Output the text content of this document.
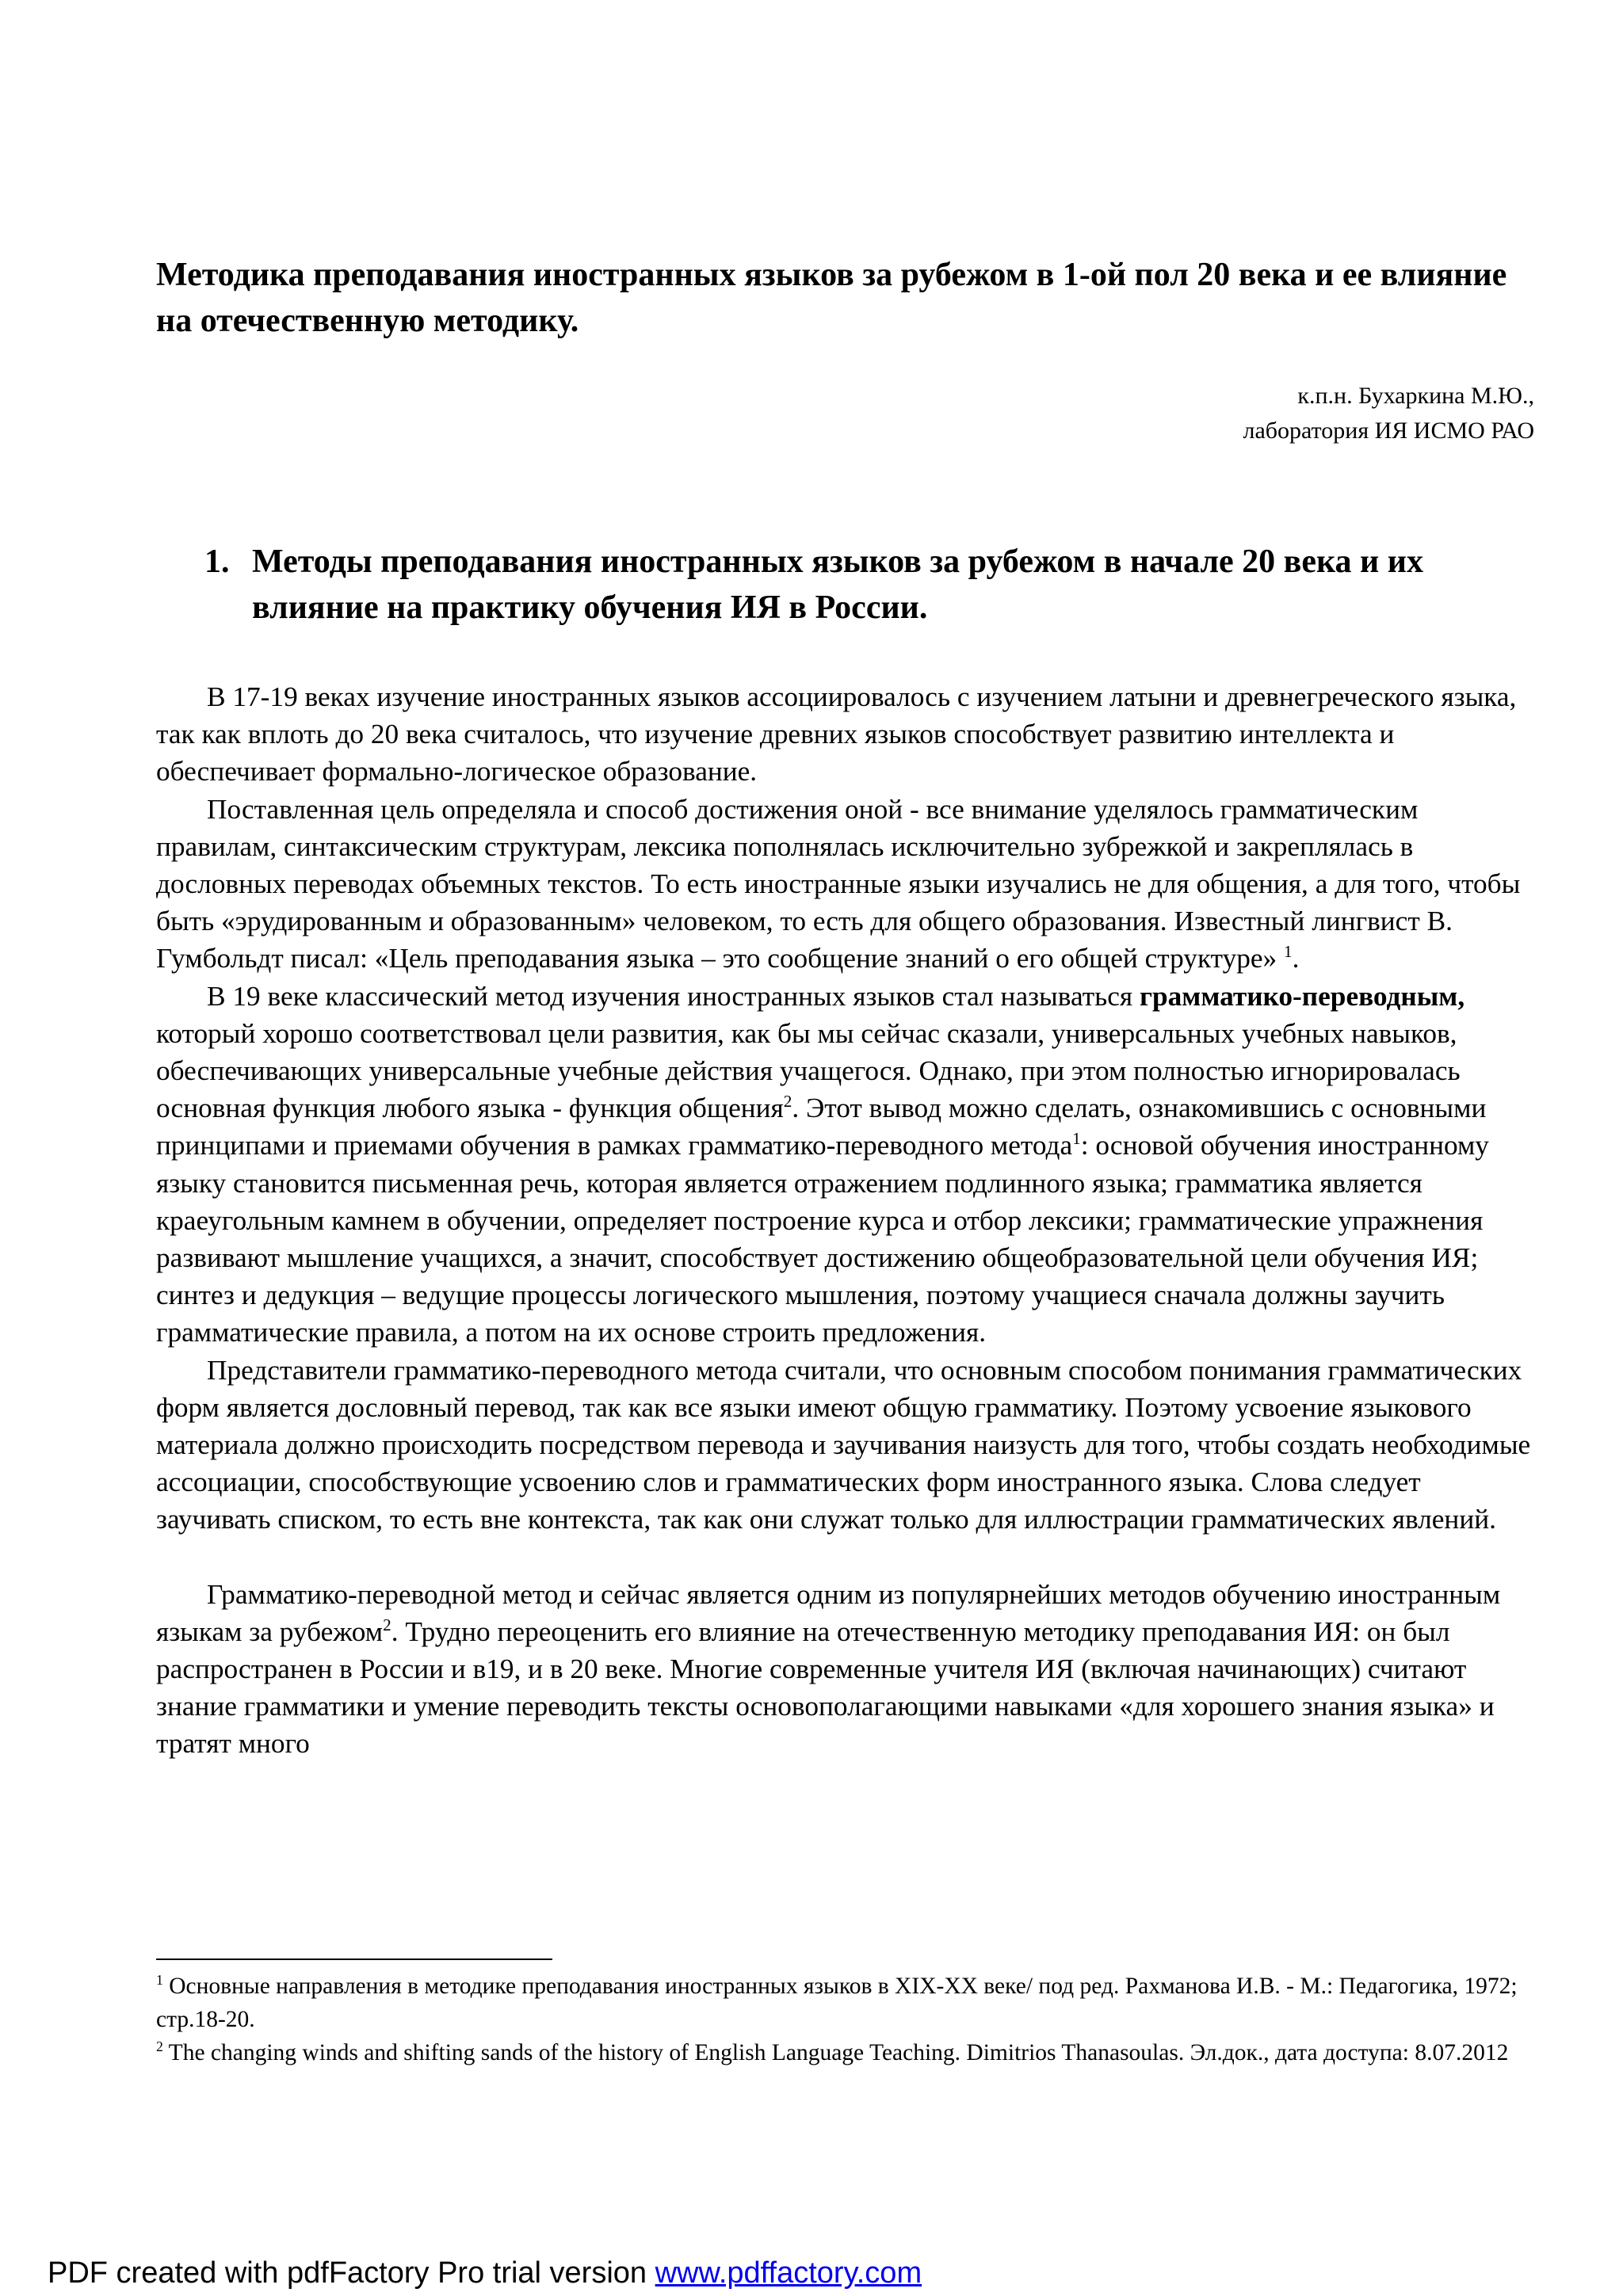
Методика преподавания иностранных языков за рубежом в 1-ой пол 20 века и ее влияние на отечественную методику.
к.п.н. Бухаркина М.Ю.,
лаборатория ИЯ ИСМО РАО
1. Методы преподавания иностранных языков за рубежом в начале 20 века и их влияние на практику обучения ИЯ в России.

В 17-19 веках изучение иностранных языков ассоциировалось с изучением латыни и древнегреческого языка, так как вплоть до 20 века считалось, что изучение древних языков способствует развитию интеллекта и обеспечивает формально-логическое образование.

Поставленная цель определяла и способ достижения оной - все внимание уделялось грамматическим правилам, синтаксическим структурам, лексика пополнялась исключительно зубрежкой и закреплялась в дословных переводах объемных текстов. То есть иностранные языки изучались не для общения, а для того, чтобы быть «эрудированным и образованным» человеком, то есть для общего образования. Известный лингвист В. Гумбольдт писал: «Цель преподавания языка – это сообщение знаний о его общей структуре» $^1$.

В 19 веке классический метод изучения иностранных языков стал называться грамматико-переводным, который хорошо соответствовал цели развития, как бы мы сейчас сказали, универсальных учебных навыков, обеспечивающих универсальные учебные действия учащегося. Однако, при этом полностью игнорировалась основная функция любого языка - функция общения$^2$. Этот вывод можно сделать, ознакомившись с основными принципами и приемами обучения в рамках грамматико-переводного метода$^1$: основой обучения иностранному языку становится письменная речь, которая является отражением подлинного языка; грамматика является краеугольным камнем в обучении, определяет построение курса и отбор лексики; грамматические упражнения развивают мышление учащихся, а значит, способствует достижению общеобразовательной цели обучения ИЯ; синтез и дедукция – ведущие процессы логического мышления, поэтому учащиеся сначала должны заучить грамматические правила, а потом на их основе строить предложения.

Представители грамматико-переводного метода считали, что основным способом понимания грамматических форм является дословный перевод, так как все языки имеют общую грамматику. Поэтому усвоение языкового материала должно происходить посредством перевода и заучивания наизусть для того, чтобы создать необходимые ассоциации, способствующие усвоению слов и грамматических форм иностранного языка. Слова следует заучивать списком, то есть вне контекста, так как они служат только для иллюстрации грамматических явлений.

Грамматико-переводной метод и сейчас является одним из популярнейших методов обучению иностранным языкам за рубежом$^2$. Трудно переоценить его влияние на отечественную методику преподавания ИЯ: он был распространен в России и в19, и в 20 веке. Многие современные учителя ИЯ (включая начинающих) считают знание грамматики и умение переводить тексты основополагающими навыками «для хорошего знания языка» и тратят много

$^1$ Основные направления в методике преподавания иностранных языков в XIX-XX веке/ под ред. Рахманова И.В. - М.: Педагогика, 1972; стр.18-20.

$^2$ The changing winds and shifting sands of the history of English Language Teaching. Dimitrios Thanasoulas. Эл.док., дата доступа: 8.07.2012

PDF created with pdfFactory Pro trial version www.pdffactory.com
